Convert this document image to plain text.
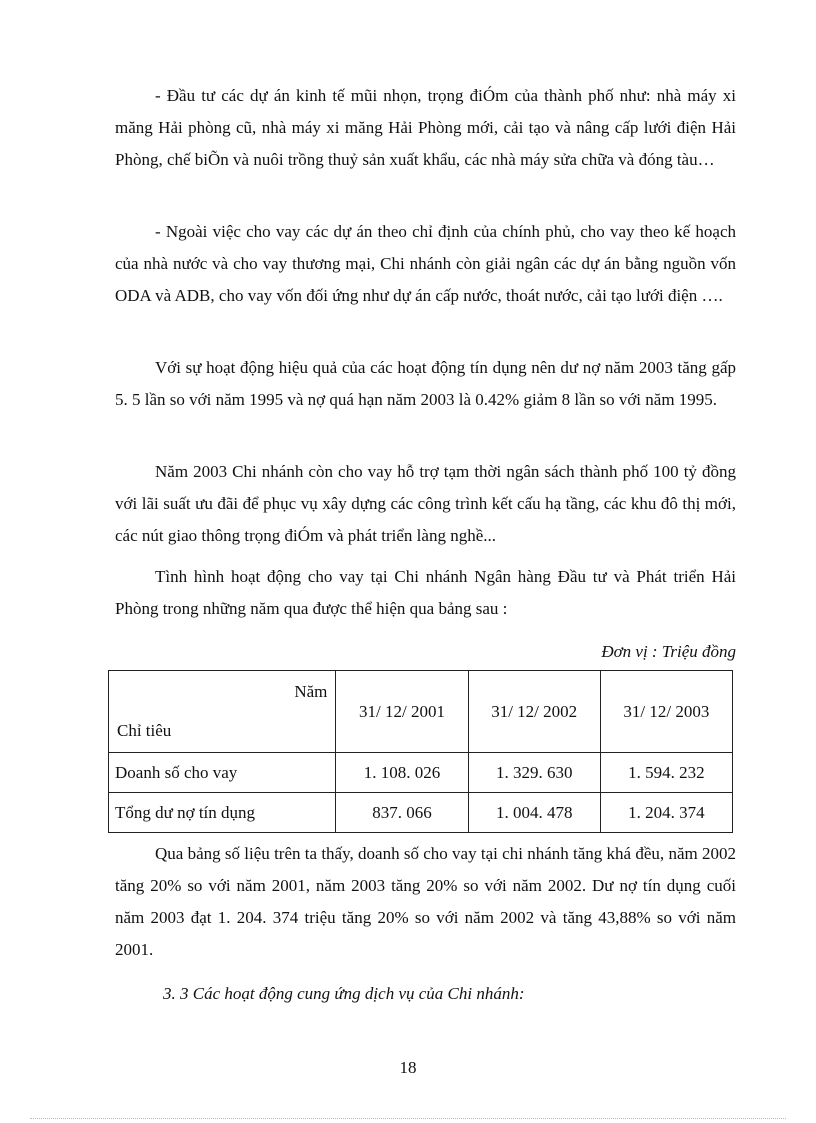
- Đầu tư các dự án kinh tế mũi nhọn, trọng điÓm của thành phố như: nhà máy xi măng Hải phòng cũ, nhà máy xi măng Hải Phòng mới, cải tạo và nâng cấp lưới điện Hải Phòng, chế biÕn và nuôi trồng thuỷ sản xuất khẩu, các nhà máy sửa chữa và đóng tàu…

- Ngoài việc cho vay các dự án theo chỉ định của chính phủ, cho vay theo kế hoạch của nhà nước và cho vay thương mại, Chi nhánh còn giải ngân các dự án bằng nguồn vốn ODA và ADB, cho vay vốn đối ứng như dự án cấp nước, thoát nước, cải tạo lưới điện ….

Với sự hoạt động hiệu quả của các hoạt động tín dụng nên dư nợ năm 2003 tăng gấp 5. 5 lần so với năm 1995 và nợ quá hạn năm 2003 là 0.42% giảm 8 lần so với năm 1995.

Năm 2003 Chi nhánh còn cho vay hỗ trợ tạm thời ngân sách thành phố 100 tỷ đồng với lãi suất ưu đãi để phục vụ xây dựng các công trình kết cấu hạ tầng, các khu đô thị mới, các nút giao thông trọng điÓm và phát triển làng nghề...

Tình hình hoạt động cho vay tại Chi nhánh Ngân hàng Đầu tư và Phát triển Hải Phòng trong những năm qua được thể hiện qua bảng sau :

Đơn vị : Triệu đồng

Năm
Chỉ tiêu	31/ 12/ 2001	31/ 12/ 2002	31/ 12/ 2003
Doanh số cho vay	1. 108. 026	1. 329. 630	1. 594. 232
Tổng dư nợ tín dụng	837. 066	1. 004. 478	1. 204. 374

Qua bảng số liệu trên ta thấy, doanh số cho vay tại chi nhánh tăng khá đều, năm 2002 tăng 20% so với năm 2001, năm 2003 tăng 20% so với năm 2002. Dư nợ tín dụng cuối năm 2003 đạt 1. 204. 374 triệu tăng 20% so với năm 2002 và tăng 43,88% so với năm 2001.

3. 3 Các hoạt động cung ứng dịch vụ của Chi nhánh:

18
